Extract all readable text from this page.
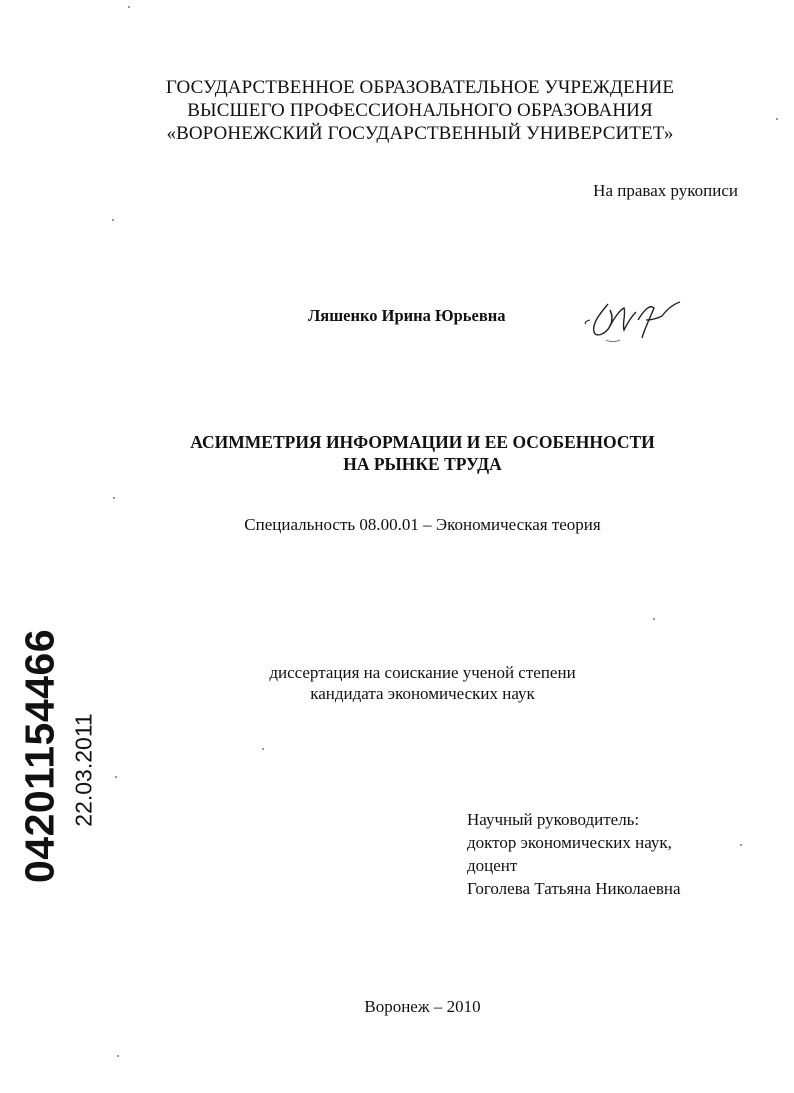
ГОСУДАРСТВЕННОЕ ОБРАЗОВАТЕЛЬНОЕ УЧРЕЖДЕНИЕ
ВЫСШЕГО ПРОФЕССИОНАЛЬНОГО ОБРАЗОВАНИЯ
«ВОРОНЕЖСКИЙ ГОСУДАРСТВЕННЫЙ УНИВЕРСИТЕТ»
На правах рукописи
Ляшенко Ирина Юрьевна
АСИММЕТРИЯ ИНФОРМАЦИИ И ЕЕ ОСОБЕННОСТИ
НА РЫНКЕ ТРУДА
Специальность 08.00.01 – Экономическая теория
диссертация на соискание ученой степени
кандидата экономических наук
Научный руководитель:
доктор экономических наук,
доцент
Гоголева Татьяна Николаевна
Воронеж – 2010
04201154466 22.03.2011
